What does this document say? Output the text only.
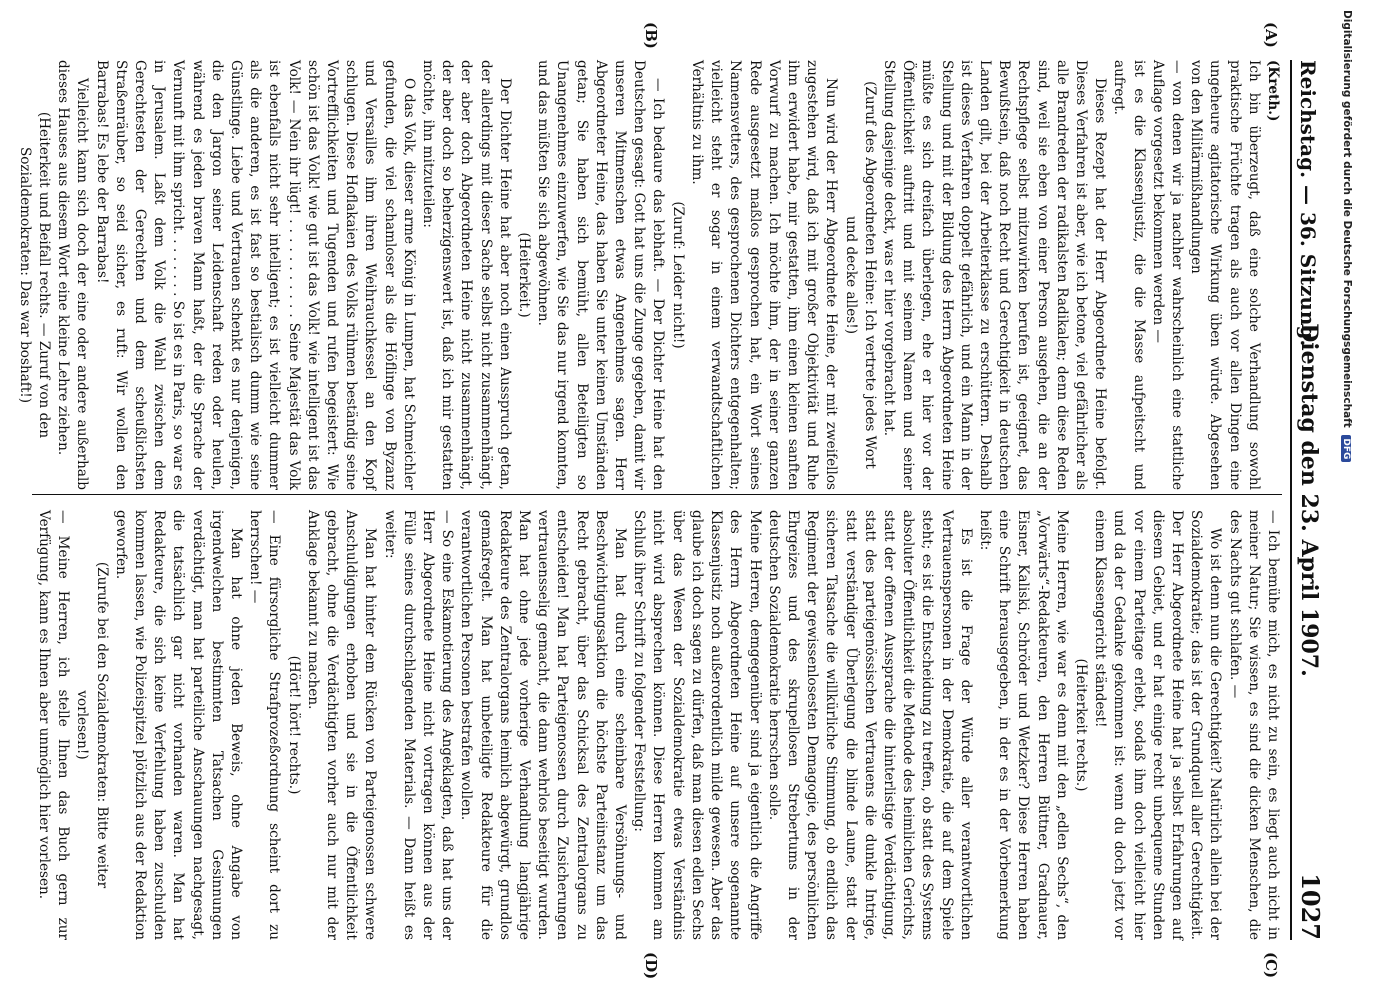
Reichstag. — 36. Sitzung.
Dienstag den 23. April 1907.
1027
(A)
(B)
(C)
(D)

(Kreth.)

Ich bin überzeugt, daß eine solche Verhandlung sowohl praktische Früchte tragen als auch vor allen Dingen eine ungeheure agitatorische Wirkung üben würde. Abgesehen von den Militärmißhandlungen

— von denen wir ja nachher wahrscheinlich eine stattliche Auflage vorgesetzt bekommen werden —

ist es die Klassenjustiz, die die Masse aufpeitscht und aufregt.

Dieses Rezept hat der Herr Abgeordnete Heine befolgt. Dieses Verfahren ist aber, wie ich betone, viel gefährlicher als alle Brandreden der radikalsten Radikalen; denn diese Reden sind, weil sie eben von einer Person ausgehen, die an der Rechtspflege selbst mitzuwirken berufen ist, geeignet, das Bewußtsein, daß noch Recht und Gerechtigkeit in deutschen Landen gilt, bei der Arbeiterklasse zu erschüttern. Deshalb ist dieses Verfahren doppelt gefährlich, und ein Mann in der Stellung und mit der Bildung des Herrn Abgeordneten Heine müßte es sich dreifach überlegen, ehe er hier vor der Öffentlichkeit auftritt und mit seinem Namen und seiner Stellung dasjenige deckt, was er hier vorgebracht hat.

(Zuruf des Abgeordneten Heine: Ich vertrete jedes Wort und decke alles!)

Nun wird der Herr Abgeordnete Heine, der mit zweifellos zugestehen wird, daß ich mit großer Objektivität und Ruhe ihm erwidert habe, mir gestatten, ihm einen kleinen sanften Vorwurf zu machen. Ich möchte ihm, der in seiner ganzen Rede ausgesetzt maßlos gesprochen hat, ein Wort seines Namensvetters, des gesprochenen Dichters entgegenhalten; vielleicht steht er sogar in einem verwandtschaftlichen Verhältnis zu ihm.

(Zuruf: Leider nicht!)

— Ich bedaure das lebhaft. — Der Dichter Heine hat den Deutschen gesagt: Gott hat uns die Zunge gegeben, damit wir unseren Mitmenschen etwas Angenehmes sagen. Herr Abgeordneter Heine, das haben Sie unter keinen Umständen getan; Sie haben sich bemüht, allen Beteiligten so Unangenehmes einzuwerfen, wie Sie das nur irgend konnten, und das müßten Sie sich abgewöhnen.

(Heiterkeit.)

Der Dichter Heine hat aber noch einen Ausspruch getan, der allerdings mit dieser Sache selbst nicht zusammenhängt, der aber doch Abgeordneten Heine nicht zusammenhängt, der aber doch so beherzigenswert ist, daß ich mir gestatten möchte, ihn mitzuteilen:

O das Volk, dieser arme König in Lumpen, hat Schmeichler gefunden, die viel schamloser als die Höflinge von Byzanz und Versailles ihm ihren Weihrauchkessel an den Kopf schlugen. Diese Hoflakaien des Volks rühmen beständig seine Vortrefflichkeiten und Tugenden und rufen begeistert: Wie schön ist das Volk! wie gut ist das Volk! wie intelligent ist das Volk! — Nein ihr lügt! . . . . . . . . . . . Seine Majestät das Volk ist ebenfalls nicht sehr intelligent; es ist vielleicht dummer als die anderen, es ist fast so bestialisch dumm wie seine Günstlinge. Liebe und Vertrauen schenkt es nur denjenigen, die den Jargon seiner Leidenschaft reden oder heulen, während es jeden braven Mann haßt, der die Sprache der Vernunft mit ihm spricht. . . . . . . . So ist es in Paris, so war es in Jerusalem. Laßt dem Volk die Wahl zwischen dem Gerechtesten der Gerechten und dem scheußlichsten Straßenräuber, so seid sicher, es ruft: Wir wollen den Barrabas! Es lebe der Barrabas!

Vielleicht kann sich doch der eine oder andere außerhalb dieses Hauses aus diesem Wort eine kleine Lehre ziehen.

(Heiterkeit und Beifall rechts. — Zuruf von den Sozialdemokraten: Das war boshaft!)

— Ich bemühe mich, es nicht zu sein, es liegt auch nicht in meiner Natur; Sie wissen, es sind die dicken Menschen, die des Nachts gut schlafen. —

Wo ist denn nun die Gerechtigkeit? Natürlich allein bei der Sozialdemokratie; das ist der Grundquell aller Gerechtigkeit. Der Herr Abgeordnete Heine hat ja selbst Erfahrungen auf diesem Gebiet, und er hat einige recht unbequeme Stunden vor einem Parteitage erlebt, sodaß ihm doch vielleicht hier und da der Gedanke gekommen ist: wenn du doch jetzt vor einem Klassengericht ständest!

(Heiterkeit rechts.)

Meine Herren, wie war es denn mit den „edlen Sechs“, den „Vorwärts“-Redakteuren, den Herren Büttner, Gradnauer, Eisner, Kaliski, Schröder und Wetzker? Diese Herren haben eine Schrift herausgegeben, in der es in der Vorbemerkung heißt:

Es ist die Frage der Würde aller verantwortlichen Vertrauenspersonen in der Demokratie, die auf dem Spiele steht; es ist die Entscheidung zu treffen, ob statt des Systems absoluter Öffentlichkeit die Methode des heimlichen Gerichts, statt der offenen Aussprache die hinterlistige Verdächtigung, statt des parteigenössischen Vertrauens die dunkle Intrige, statt verständiger Überlegung die blinde Laune, statt der sicheren Tatsache die willkürliche Stimmung, ob endlich das Regiment der gewissenlosesten Demagogie, des persönlichen Ehrgeizes und des skrupellosen Strebertums in der deutschen Sozialdemokratie herrschen solle.

Meine Herren, demgegenüber sind ja eigentlich die Angriffe des Herrn Abgeordneten Heine auf unsere sogenannte Klassenjustiz noch außerordentlich milde gewesen. Aber das glaube ich doch sagen zu dürfen, daß man diesen edlen Sechs über das Wesen der Sozialdemokratie etwas Verständnis nicht wird absprechen können. Diese Herren kommen am Schluß ihrer Schrift zu folgender Feststellung:

Man hat durch eine scheinbare Versöhnungs- und Beschwichtigungsaktion die höchste Parteiinstanz um das Recht gebracht, über das Schicksal des Zentralorgans zu entscheiden! Man hat Parteigenossen durch Zusicherungen vertrauensselig gemacht, die dann wehrlos beseitigt wurden. Man hat ohne jede vorherige Verhandlung langjährige Redakteure des Zentralorgans heimlich abgewürgt, grundlos gemaßregelt. Man hat unbeteiligte Redakteure für die verantwortlichen Personen bestrafen wollen.

— So eine Eskamotierung des Angeklagten, daß hat uns der Herr Abgeordnete Heine nicht vortragen können aus der Fülle seines durchschlagenden Materials. — Dann heißt es weiter:

Man hat hinter dem Rücken von Parteigenossen schwere Anschuldigungen erhoben und sie in die Öffentlichkeit gebracht, ohne die Verdächtigten vorher auch nur mit der Anklage bekannt zu machen.

(Hört! hört! rechts.)

— Eine fürsorgliche Strafprozeßordnung scheint dort zu herrschen! —

Man hat ohne jeden Beweis, ohne Angabe von irgendwelchen bestimmten Tatsachen Gesinnungen verdächtigt, man hat parteiliche Anschauungen nachgesagt, die tatsächlich gar nicht vorhanden waren. Man hat Redakteure, die sich keine Verfehlung haben zuschulden kommen lassen, wie Polizeispitzel plötzlich aus der Redaktion geworfen.

(Zurufe bei den Sozialdemokraten: Bitte weiter vorlesen!)

— Meine Herren, ich stelle Ihnen das Buch gern zur Verfügung, kann es Ihnen aber unmöglich hier vorlesen.

Digitalisierung gefördert durch die Deutsche Forschungsgemeinschaft DFG
